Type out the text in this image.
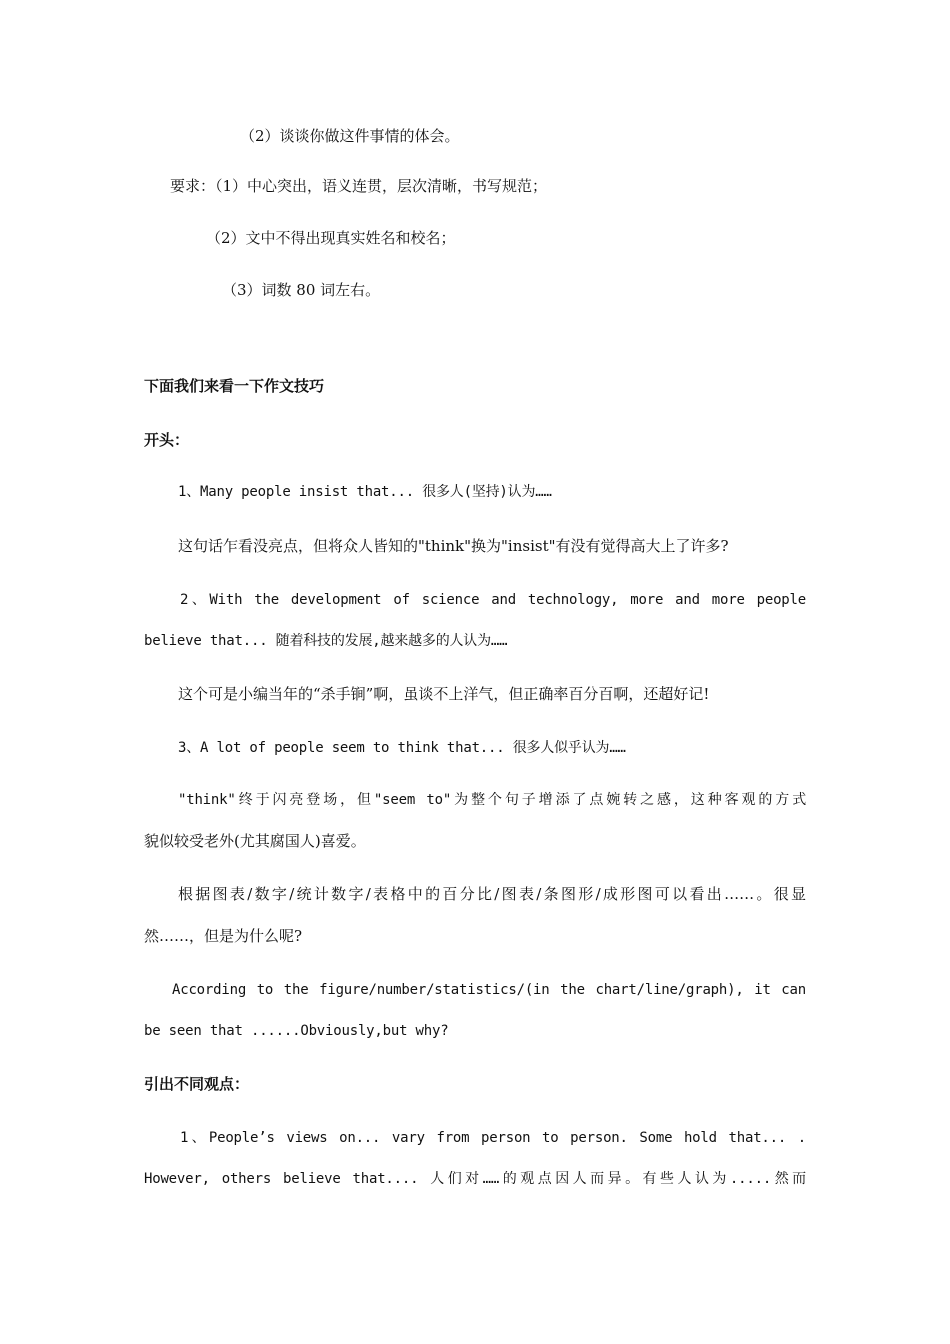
（2）谈谈你做这件事情的体会。
要求：（1）中心突出，语义连贯，层次清晰，书写规范；
（2）文中不得出现真实姓名和校名；
（3）词数 80 词左右。
下面我们来看一下作文技巧
开头：
1、Many people insist that... 很多人(坚持)认为……
这句话乍看没亮点，但将众人皆知的"think"换为"insist"有没有觉得高大上了许多?
2、With the development of science and technology, more and more people
believe that... 随着科技的发展,越来越多的人认为……
这个可是小编当年的“杀手锏”啊，虽谈不上洋气，但正确率百分百啊，还超好记!
3、A lot of people seem to think that... 很多人似乎认为……
"think"终于闪亮登场，但"seem to"为整个句子增添了点婉转之感，这种客观的方式
貌似较受老外(尤其腐国人)喜爱。
根据图表/数字/统计数字/表格中的百分比/图表/条图形/成形图可以看出……。很显
然……，但是为什么呢?
According to the figure/number/statistics/(in the chart/line/graph), it can
be seen that ......Obviously,but why?
引出不同观点：
1、People’s views on... vary from person to person. Some hold that... .
However, others believe that.... 人们对……的观点因人而异。有些人认为.....然而
